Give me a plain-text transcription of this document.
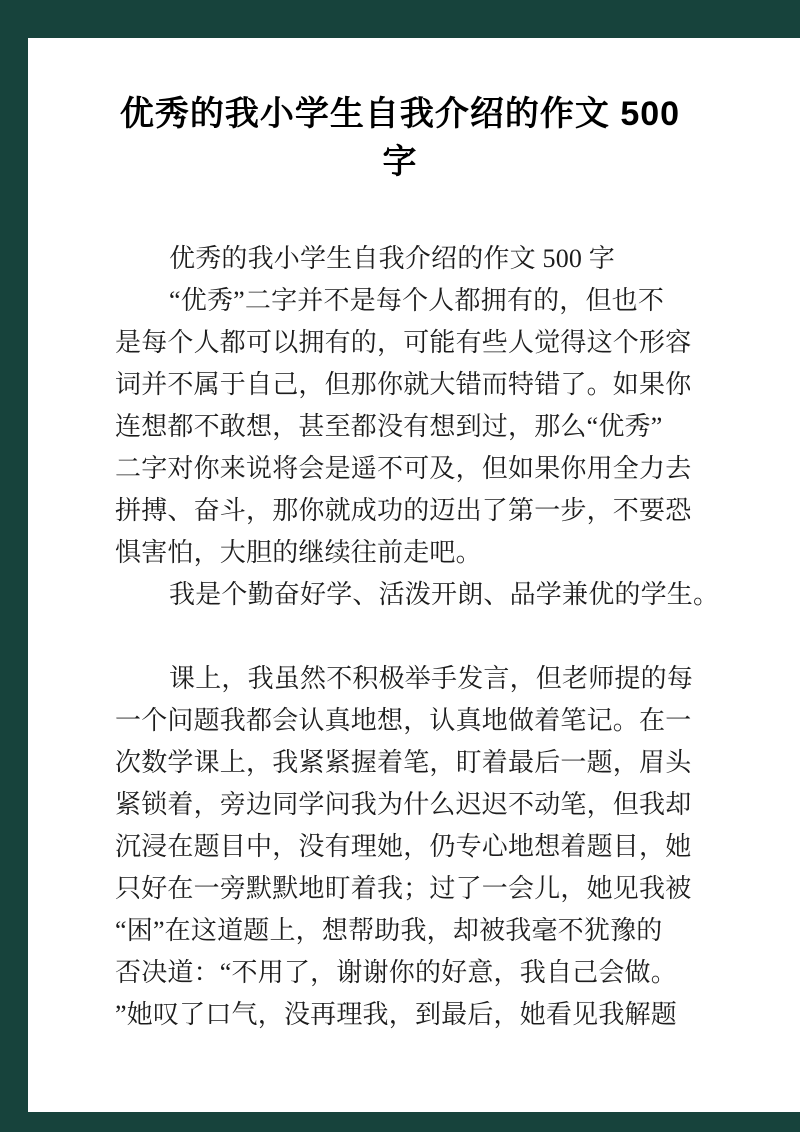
优秀的我小学生自我介绍的作文 500
字
优秀的我小学生自我介绍的作文 500 字
“优秀”二字并不是每个人都拥有的，但也不
是每个人都可以拥有的，可能有些人觉得这个形容
词并不属于自己，但那你就大错而特错了。如果你
连想都不敢想，甚至都没有想到过，那么“优秀”
二字对你来说将会是遥不可及，但如果你用全力去
拼搏、奋斗，那你就成功的迈出了第一步，不要恐
惧害怕，大胆的继续往前走吧。
我是个勤奋好学、活泼开朗、品学兼优的学生。
课上，我虽然不积极举手发言，但老师提的每
一个问题我都会认真地想，认真地做着笔记。在一
次数学课上，我紧紧握着笔，盯着最后一题，眉头
紧锁着，旁边同学问我为什么迟迟不动笔，但我却
沉浸在题目中，没有理她，仍专心地想着题目，她
只好在一旁默默地盯着我；过了一会儿，她见我被
“困”在这道题上，想帮助我，却被我毫不犹豫的
否决道：“不用了，谢谢你的好意，我自己会做。
”她叹了口气，没再理我，到最后，她看见我解题
